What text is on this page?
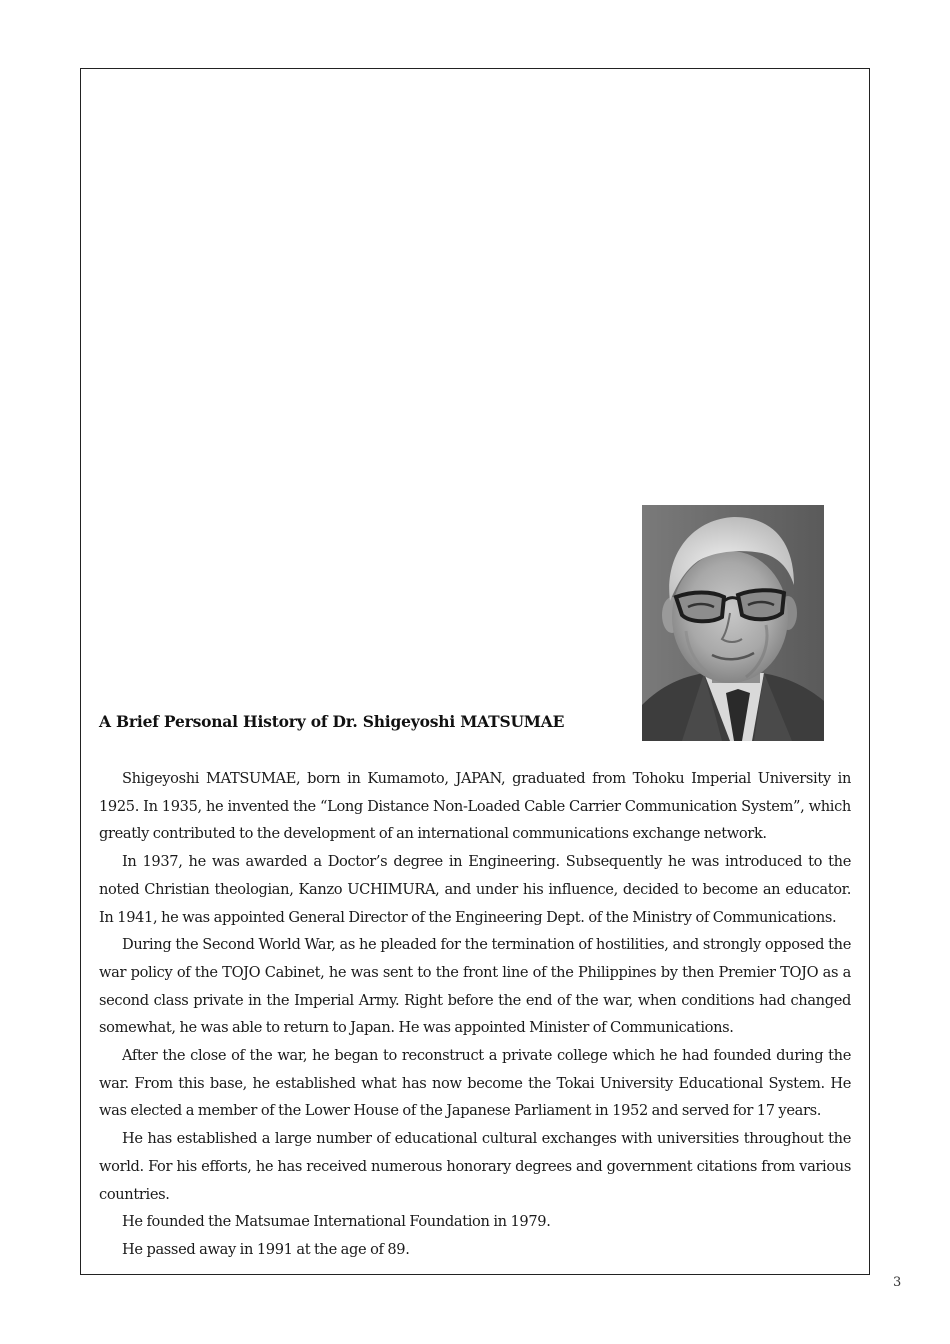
A Brief Personal History of Dr. Shigeyoshi MATSUMAE

Shigeyoshi MATSUMAE, born in Kumamoto, JAPAN, graduated from Tohoku Imperial University in 1925. In 1935, he invented the “Long Distance Non-Loaded Cable Carrier Communication System”, which greatly contributed to the development of an international communications exchange network.

In 1937, he was awarded a Doctor’s degree in Engineering. Subsequently he was introduced to the noted Christian theologian, Kanzo UCHIMURA, and under his influence, decided to become an educator. In 1941, he was appointed General Director of the Engineering Dept. of the Ministry of Communications.

During the Second World War, as he pleaded for the termination of hostilities, and strongly opposed the war policy of the TOJO Cabinet, he was sent to the front line of the Philippines by then Premier TOJO as a second class private in the Imperial Army. Right before the end of the war, when conditions had changed somewhat, he was able to return to Japan. He was appointed Minister of Communications.

After the close of the war, he began to reconstruct a private college which he had founded during the war. From this base, he established what has now become the Tokai University Educational System. He was elected a member of the Lower House of the Japanese Parliament in 1952 and served for 17 years.

He has established a large number of educational cultural exchanges with universities throughout the world. For his efforts, he has received numerous honorary degrees and government citations from various countries.

He founded the Matsumae International Foundation in 1979.

He passed away in 1991 at the age of 89.

3
